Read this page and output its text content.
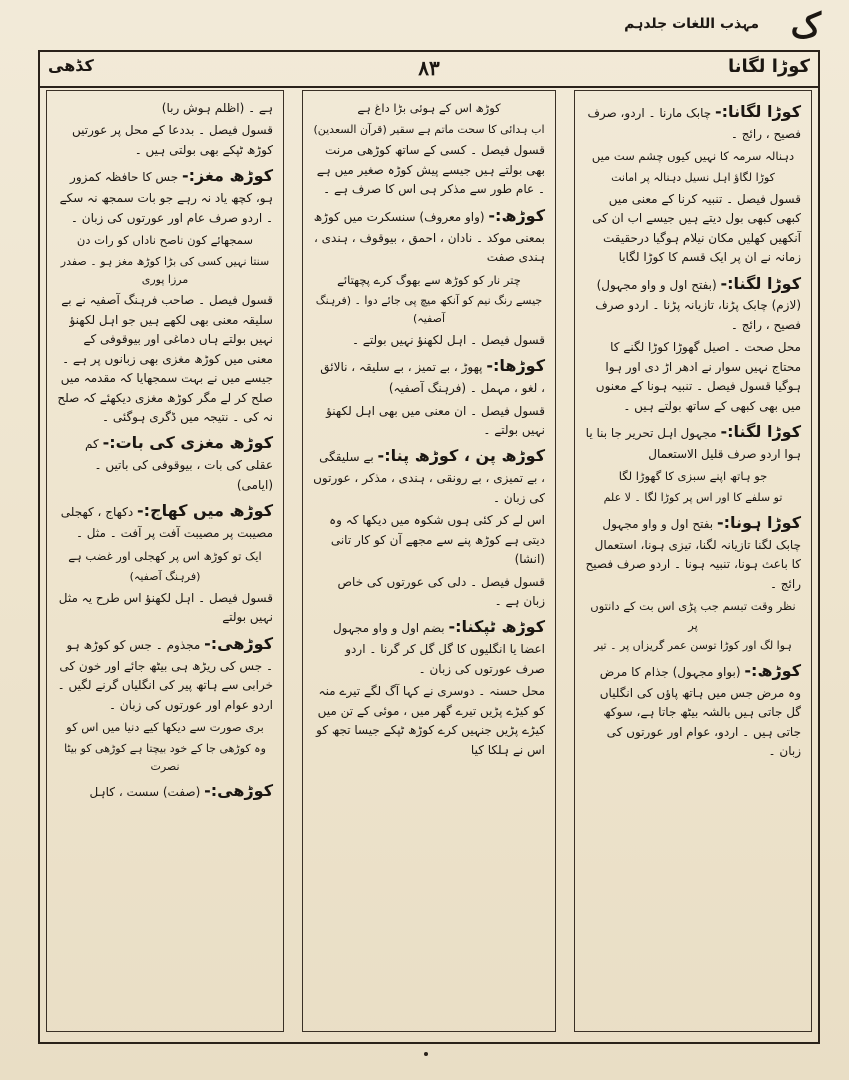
ک
مہذب اللغات جلدہم
کوڑا لگانا
۸۳
کڈھی

کوڑا لگانا:- چابک مارنا ۔ اردو، صرف فصیح ، رائج ۔

دہنالہ سرمہ کا نہیں کیوں چشم ست میں

کوڑا لگاؤ اہل نسیل دہنالہ پر امانت

قسول فیصل ۔ تنبیہ کرنا کے معنی میں کبھی کبھی بول دیتے ہیں جیسے اب ان کی آنکھیں کھلیں مکان نیلام ہوگیا درحقیقت زمانہ نے ان پر ایک قسم کا کوڑا لگایا

کوڑا لگنا:- (بفتح اول و واو مجہول) (لازم) چابک پڑنا، تازیانہ پڑنا ۔ اردو صرف فصیح ، رائج ۔

محل صحت ۔ اصیل گھوڑا کوڑا لگنے کا محتاج نہیں سوار نے ادھر اڑ دی اور ہوا ہوگیا قسول فیصل ۔ تنبیہ ہونا کے معنوں میں بھی کبھی کے ساتھ بولتے ہیں ۔

کوڑا لگنا:- مجہول اہل تحریر جا بنا یا ہوا اردو صرف قلیل الاستعمال

جو ہاتھ اپنے سبزی کا گھوڑا لگا

تو سلفے کا اور اس پر کوڑا لگا ۔ لا علم

کوڑا ہونا:- بفتح اول و واو مجہول چابک لگنا تازیانہ لگنا، تیزی ہونا، استعمال کا باعث ہونا، تنبیہ ہونا ۔ اردو صرف فصیح رائج ۔

نظر وقت تبسم جب پڑی اس بت کے دانتوں پر

ہوا لگ اور کوڑا توسن عمر گریزاں پر ۔ تیر

کوڑھ:- (بواو مجہول) جذام کا مرض وہ مرض جس میں ہاتھ پاؤں کی انگلیاں گل جاتی ہیں بالشہ بیٹھ جاتا ہے، سوکھ جاتی ہیں ۔ اردو، عوام اور عورتوں کی زبان ۔

کوڑھ اس کے ہوئی بڑا داغ ہے

اب ہدائی کا سحت ماتم ہے سقیر (قرآن السعدین)

قسول فیصل ۔ کسی کے ساتھ کوڑھی مرنت بھی بولتے ہیں جیسے پیش کوڑہ صغیر میں ہے ۔ عام طور سے مذکر ہی اس کا صرف ہے ۔

کوڑھ:- (واو معروف) سنسکرت میں کوڑھ بمعنی موکد ۔ نادان ، احمق ، بیوقوف ، ہندی ، ہندی صفت

چتر نار کو کوڑھ سے بھوگ کرے پچھتائے

جیسے رنگ نیم کو آنکھ میچ پی جائے دوا ۔ (فرہنگ آصفیہ)

قسول فیصل ۔ اہل لکھنؤ نہیں بولتے ۔

کوڑھا:- پھوڑ ، بے تمیز ، بے سلیقہ ، نالائق ، لغو ، مہمل ۔ (فرہنگ آصفیہ)

قسول فیصل ۔ ان معنی میں بھی اہل لکھنؤ نہیں بولتے ۔

کوڑھ پن ، کوڑھ پنا:- بے سلیقگی ، بے تمیزی ، بے رونقی ، ہندی ، مذکر ، عورتوں کی زبان ۔

اس لے کر کئی ہوں شکوہ میں دیکھا کہ وہ دیتی ہے کوڑھ پنے سے مجھے آن کو کار تانی (انشا)

قسول فیصل ۔ دلی کی عورتوں کی خاص زبان ہے ۔

کوڑھ ٹپکنا:- بضم اول و واو مجہول اعضا یا انگلیوں کا گل گل کر گرنا ۔ اردو صرف عورتوں کی زبان ۔

محل حسنہ ۔ دوسری نے کہا آگ لگے تیرے منہ کو کیڑے پڑیں تیرے گھر میں ، موئی کے تن میں کیڑے پڑیں جنہیں کرے کوڑھ ٹپکے جیسا تجھ کو اس نے ہلکا کیا

ہے ۔ (اظلم ہوش ربا)

قسول فیصل ۔ بددعا کے محل پر عورتیں کوڑھ ٹپکے بھی بولتی ہیں ۔

کوڑھ مغز:- جس کا حافظہ کمزور ہو، کچھ یاد نہ رہے جو بات سمجھ نہ سکے ۔ اردو صرف عام اور عورتوں کی زبان ۔

سمجھائے کون ناصح ناداں کو رات دن

سنتا نہیں کسی کی بڑا کوڑھ مغز ہو ۔ صفدر مرزا پوری

قسول فیصل ۔ صاحب فرہنگ آصفیہ نے بے سلیقہ معنی بھی لکھے ہیں جو اہل لکھنؤ نہیں بولتے ہاں دماغی اور بیوقوفی کے معنی میں کوڑھ مغزی بھی زبانوں پر ہے ۔ جیسے میں نے بہت سمجھایا کہ مقدمہ میں صلح کر لے مگر کوڑھ مغزی دیکھئے کہ صلح نہ کی ۔ نتیجہ میں ڈگری ہوگئی ۔

کوڑھ مغزی کی بات:- کم عقلی کی بات ، بیوقوفی کی باتیں ۔ (ایامی)

کوڑھ میں کھاج:- دکھاج ، کھجلی مصیبت پر مصیبت آفت پر آفت ۔ مثل ۔

ایک تو کوڑھ اس پر کھجلی اور غضب ہے

(فرہنگ آصفیہ)

قسول فیصل ۔ اہل لکھنؤ اس طرح یہ مثل نہیں بولتے

کوڑھی:- مجذوم ۔ جس کو کوڑھ ہو ۔ جس کی ریڑھ ہی بیٹھ جائے اور خون کی خرابی سے ہاتھ پیر کی انگلیاں گرنے لگیں ۔ اردو عوام اور عورتوں کی زبان ۔

بری صورت سے دیکھا کیے دنیا میں اس کو

وہ کوڑھی جا کے خود بیچتا ہے کوڑھی کو بیٹا نصرت

کوڑھی:- (صفت) سست ، کاہل
